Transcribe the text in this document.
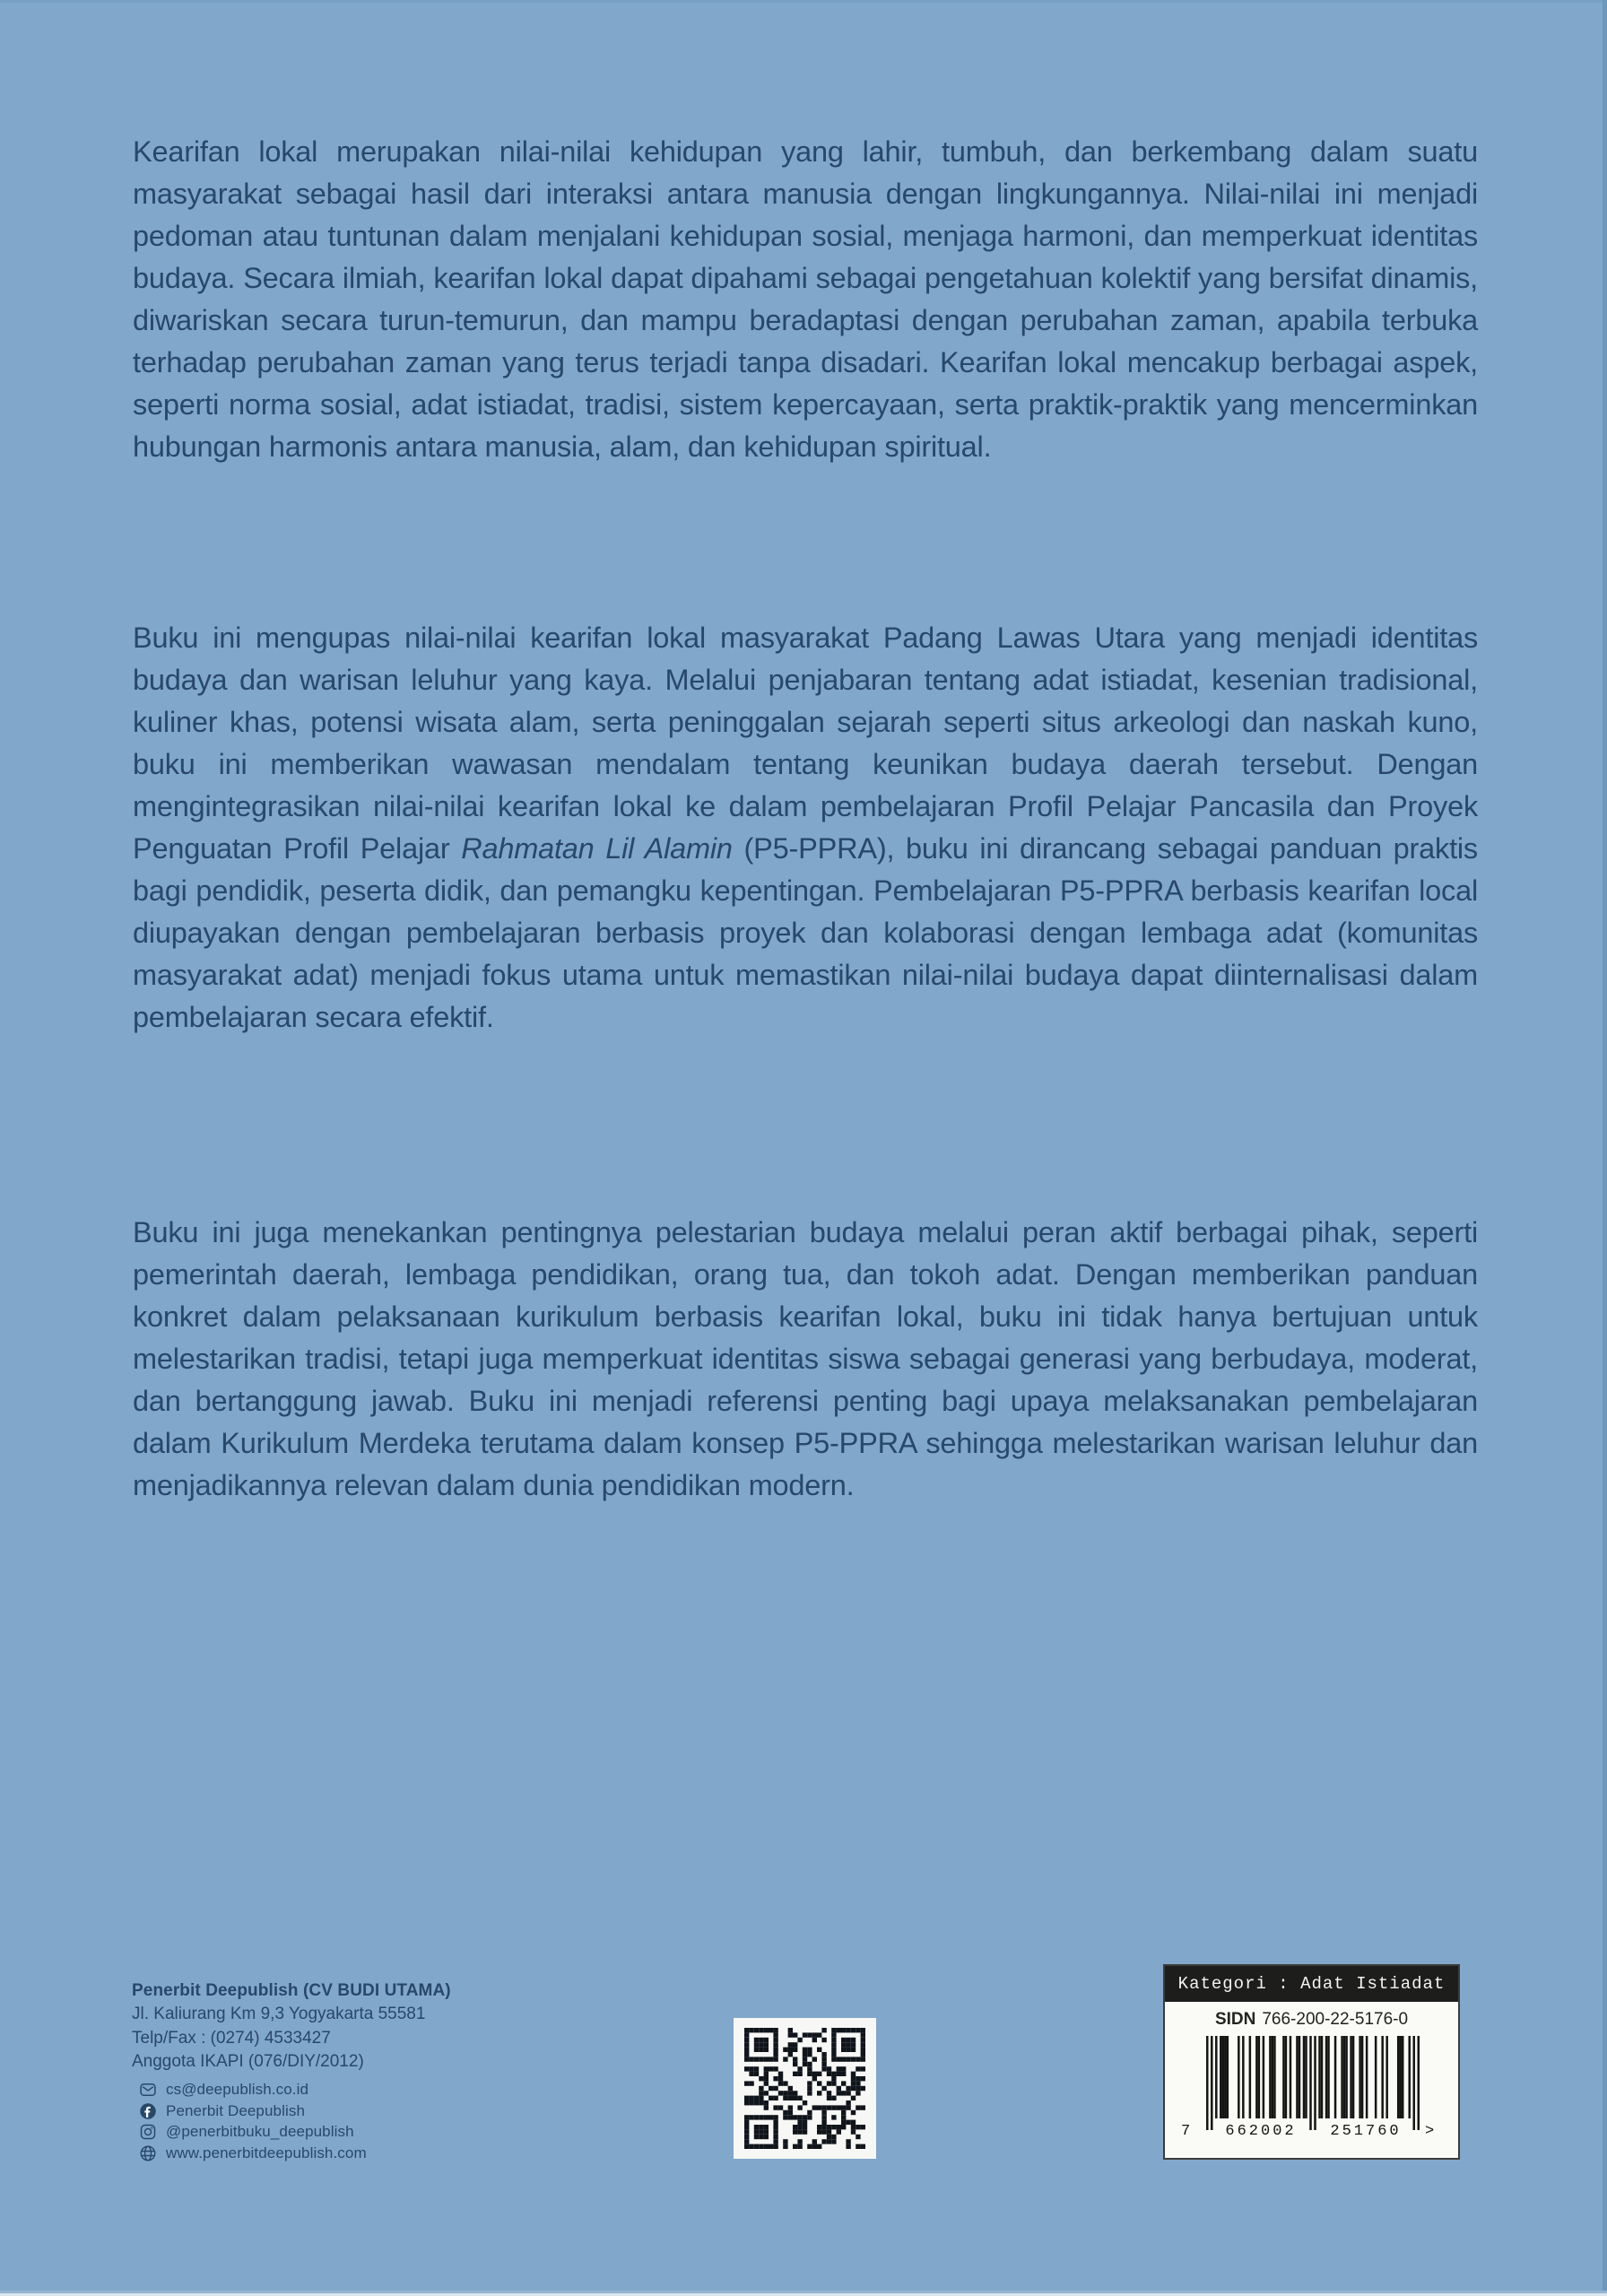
Kearifan lokal merupakan nilai-nilai kehidupan yang lahir, tumbuh, dan berkembang dalam suatu masyarakat sebagai hasil dari interaksi antara manusia dengan lingkungannya. Nilai-nilai ini menjadi pedoman atau tuntunan dalam menjalani kehidupan sosial, menjaga harmoni, dan memperkuat identitas budaya. Secara ilmiah, kearifan lokal dapat dipahami sebagai pengetahuan kolektif yang bersifat dinamis, diwariskan secara turun-temurun, dan mampu beradaptasi dengan perubahan zaman, apabila terbuka terhadap perubahan zaman yang terus terjadi tanpa disadari. Kearifan lokal mencakup berbagai aspek, seperti norma sosial, adat istiadat, tradisi, sistem kepercayaan, serta praktik-praktik yang mencerminkan hubungan harmonis antara manusia, alam, dan kehidupan spiritual.

Buku ini mengupas nilai-nilai kearifan lokal masyarakat Padang Lawas Utara yang menjadi identitas budaya dan warisan leluhur yang kaya. Melalui penjabaran tentang adat istiadat, kesenian tradisional, kuliner khas, potensi wisata alam, serta peninggalan sejarah seperti situs arkeologi dan naskah kuno, buku ini memberikan wawasan mendalam tentang keunikan budaya daerah tersebut. Dengan mengintegrasikan nilai-nilai kearifan lokal ke dalam pembelajaran Profil Pelajar Pancasila dan Proyek Penguatan Profil Pelajar Rahmatan Lil Alamin (P5-PPRA), buku ini dirancang sebagai panduan praktis bagi pendidik, peserta didik, dan pemangku kepentingan. Pembelajaran P5-PPRA berbasis kearifan local diupayakan dengan pembelajaran berbasis proyek dan kolaborasi dengan lembaga adat (komunitas masyarakat adat) menjadi fokus utama untuk memastikan nilai-nilai budaya dapat diinternalisasi dalam pembelajaran secara efektif.

Buku ini juga menekankan pentingnya pelestarian budaya melalui peran aktif berbagai pihak, seperti pemerintah daerah, lembaga pendidikan, orang tua, dan tokoh adat. Dengan memberikan panduan konkret dalam pelaksanaan kurikulum berbasis kearifan lokal, buku ini tidak hanya bertujuan untuk melestarikan tradisi, tetapi juga memperkuat identitas siswa sebagai generasi yang berbudaya, moderat, dan bertanggung jawab. Buku ini menjadi referensi penting bagi upaya melaksanakan pembelajaran dalam Kurikulum Merdeka terutama dalam konsep P5-PPRA sehingga melestarikan warisan leluhur dan menjadikannya relevan dalam dunia pendidikan modern.

Penerbit Deepublish (CV BUDI UTAMA)
Jl. Kaliurang Km 9,3 Yogyakarta 55581
Telp/Fax : (0274) 4533427
Anggota IKAPI (076/DIY/2012)
cs@deepublish.co.id
Penerbit Deepublish
@penerbitbuku_deepublish
www.penerbitdeepublish.com
Kategori : Adat Istiadat
SIDN 766-200-22-5176-0
7	662002	251760	>
